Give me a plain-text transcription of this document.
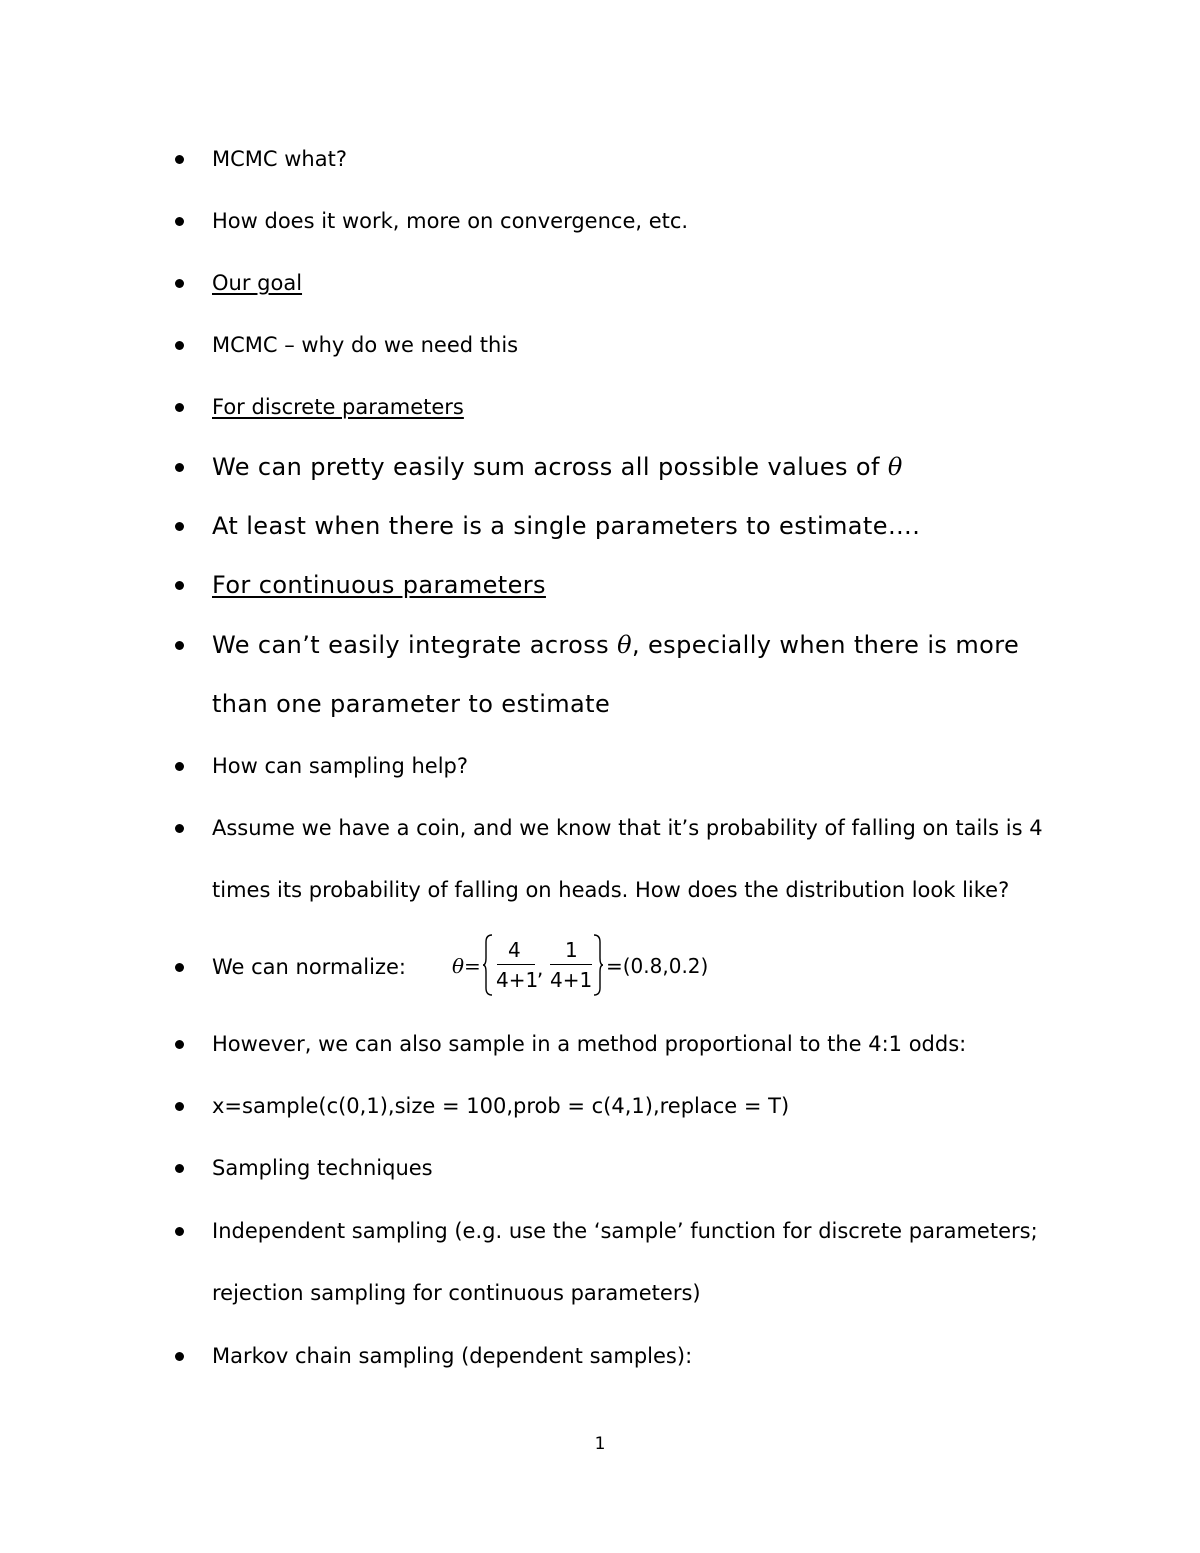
MCMC what?
How does it work, more on convergence, etc.
Our goal
MCMC – why do we need this
For discrete parameters
We can pretty easily sum across all possible values of θ
At least when there is a single parameters to estimate….
For continuous parameters
We can’t easily integrate across θ, especially when there is more
than one parameter to estimate
How can sampling help?
Assume we have a coin, and we know that it’s probability of falling on tails is 4
times its probability of falling on heads. How does the distribution look like?
We can normalize:
However, we can also sample in a method proportional to the 4:1 odds:
x=sample(c(0,1),size = 100,prob = c(4,1),replace = T)
Sampling techniques
Independent sampling (e.g. use the ‘sample’ function for discrete parameters;
rejection sampling for continuous parameters)
Markov chain sampling (dependent samples):
θ=
4
4+1
,
1
4+1
=(0.8,0.2)
1
